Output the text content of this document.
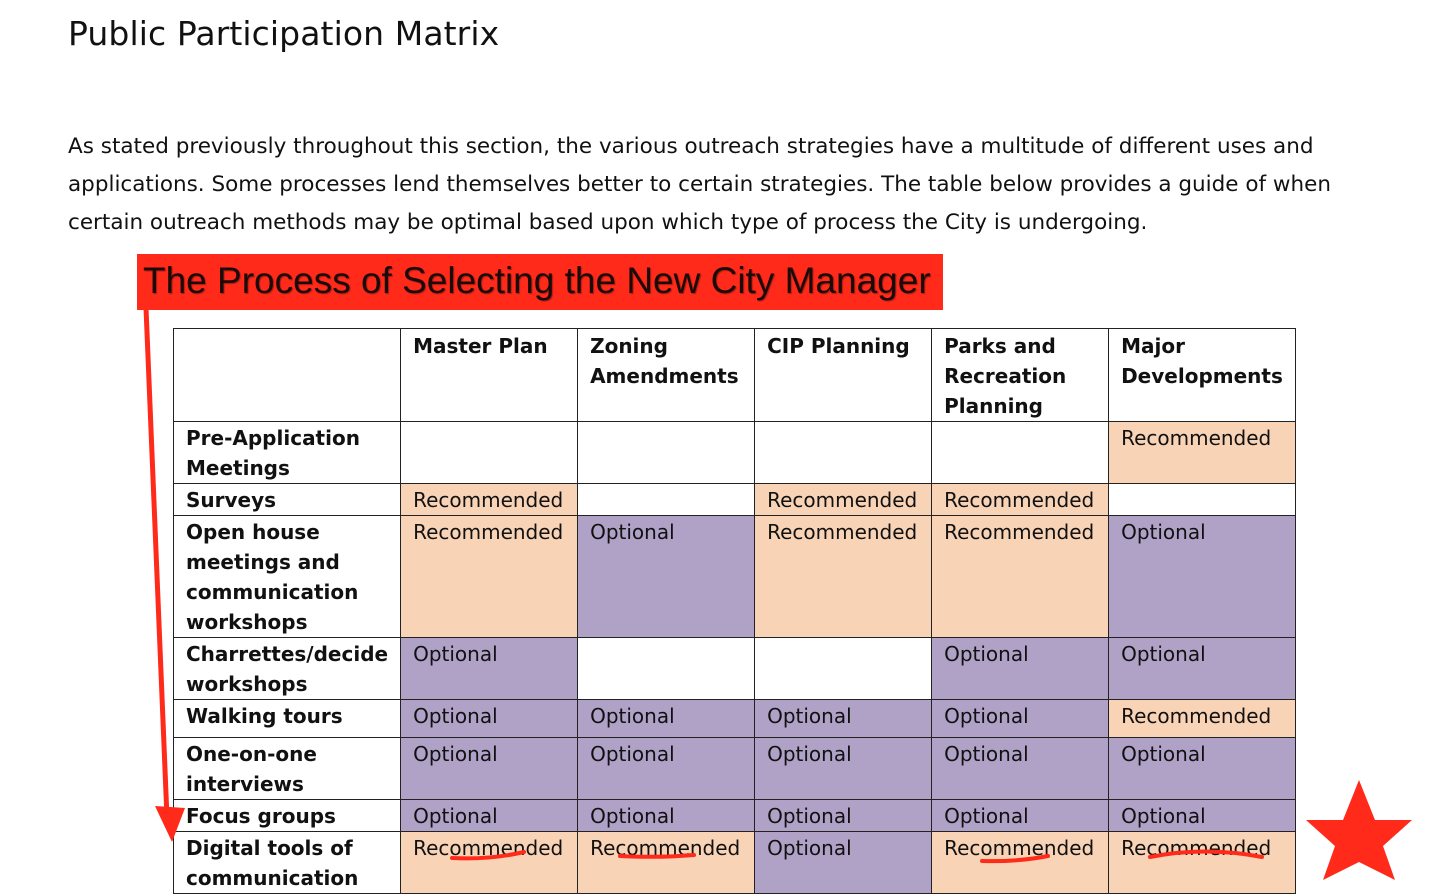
Public Participation Matrix

As stated previously throughout this section, the various outreach strategies have a multitude of different uses and

applications. Some processes lend themselves better to certain strategies. The table below provides a guide of when

certain outreach methods may be optimal based upon which type of process the City is undergoing.

The Process of Selecting the New City Manager
	Master Plan	Zoning Amendments	CIP Planning	Parks and Recreation Planning	Major Developments
Pre-Application Meetings					Recommended
Surveys	Recommended		Recommended	Recommended	
Open house meetings and communication workshops	Recommended	Optional	Recommended	Recommended	Optional
Charrettes/decide workshops	Optional			Optional	Optional
Walking tours	Optional	Optional	Optional	Optional	Recommended
One-on-one interviews	Optional	Optional	Optional	Optional	Optional
Focus groups	Optional	Optional	Optional	Optional	Optional
Digital tools of communication	Recommended	Recommended	Optional	Recommended	Recommended
